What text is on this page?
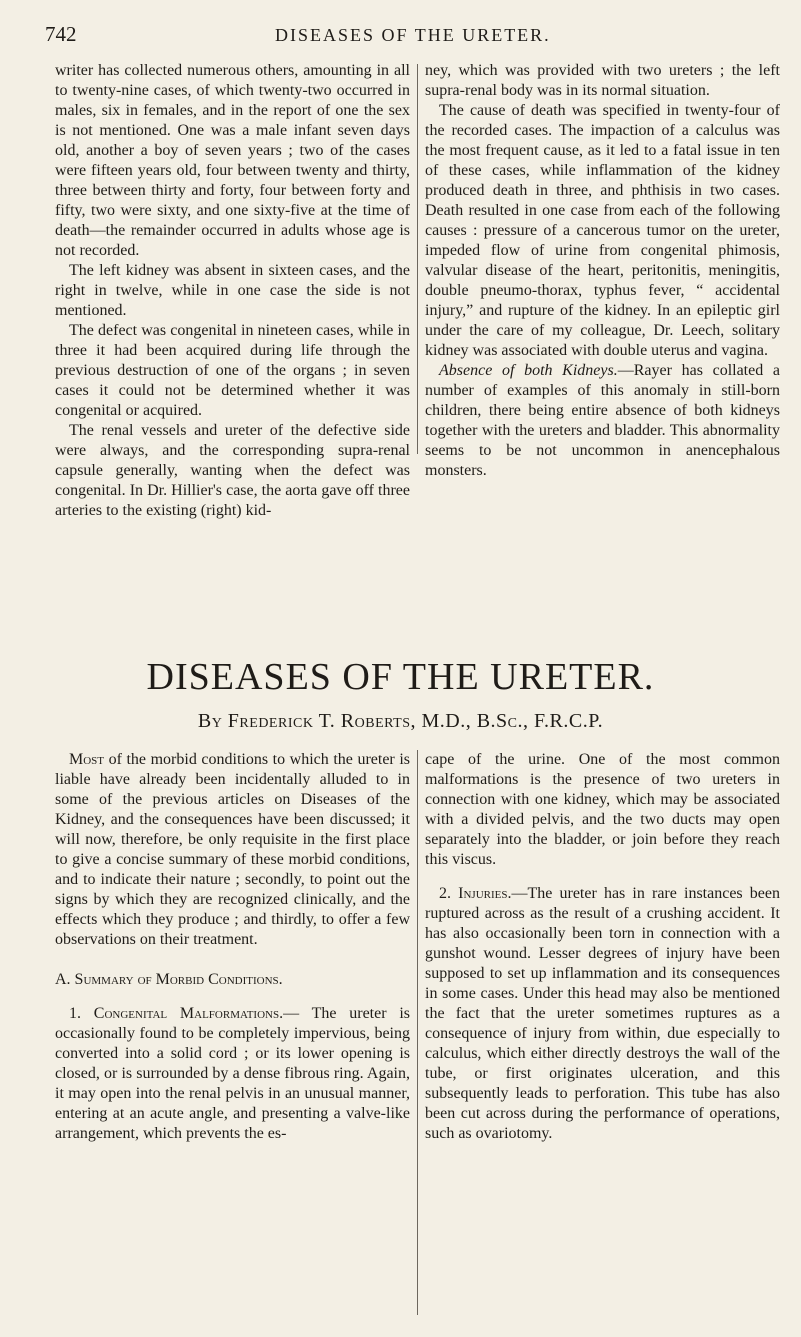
742	DISEASES OF THE URETER.

writer has collected numerous others, amounting in all to twenty-nine cases, of which twenty-two occurred in males, six in females, and in the report of one the sex is not mentioned. One was a male infant seven days old, another a boy of seven years ; two of the cases were fifteen years old, four between twenty and thirty, three between thirty and forty, four between forty and fifty, two were sixty, and one sixty-five at the time of death—the remainder occurred in adults whose age is not recorded.

The left kidney was absent in sixteen cases, and the right in twelve, while in one case the side is not mentioned.

The defect was congenital in nineteen cases, while in three it had been acquired during life through the previous destruction of one of the organs ; in seven cases it could not be determined whether it was congenital or acquired.

The renal vessels and ureter of the defective side were always, and the corresponding supra-renal capsule generally, wanting when the defect was congenital. In Dr. Hillier's case, the aorta gave off three arteries to the existing (right) kid-

ney, which was provided with two ureters ; the left supra-renal body was in its normal situation.

The cause of death was specified in twenty-four of the recorded cases. The impaction of a calculus was the most frequent cause, as it led to a fatal issue in ten of these cases, while inflammation of the kidney produced death in three, and phthisis in two cases. Death resulted in one case from each of the following causes : pressure of a cancerous tumor on the ureter, impeded flow of urine from congenital phimosis, valvular disease of the heart, peritonitis, meningitis, double pneumo-thorax, typhus fever, “ accidental injury,” and rupture of the kidney. In an epileptic girl under the care of my colleague, Dr. Leech, solitary kidney was associated with double uterus and vagina.

Absence of both Kidneys.—Rayer has collated a number of examples of this anomaly in still-born children, there being entire absence of both kidneys together with the ureters and bladder. This abnormality seems to be not uncommon in anencephalous monsters.

DISEASES OF THE URETER.
By Frederick T. Roberts, M.D., B.Sc., F.R.C.P.

Most of the morbid conditions to which the ureter is liable have already been incidentally alluded to in some of the previous articles on Diseases of the Kidney, and the consequences have been discussed; it will now, therefore, be only requisite in the first place to give a concise summary of these morbid conditions, and to indicate their nature ; secondly, to point out the signs by which they are recognized clinically, and the effects which they produce ; and thirdly, to offer a few observations on their treatment.

A. Summary of Morbid Conditions.

1. Congenital Malformations.— The ureter is occasionally found to be completely impervious, being converted into a solid cord ; or its lower opening is closed, or is surrounded by a dense fibrous ring. Again, it may open into the renal pelvis in an unusual manner, entering at an acute angle, and presenting a valve-like arrangement, which prevents the es-

cape of the urine. One of the most common malformations is the presence of two ureters in connection with one kidney, which may be associated with a divided pelvis, and the two ducts may open separately into the bladder, or join before they reach this viscus.

2. Injuries.—The ureter has in rare instances been ruptured across as the result of a crushing accident. It has also occasionally been torn in connection with a gunshot wound. Lesser degrees of injury have been supposed to set up inflammation and its consequences in some cases. Under this head may also be mentioned the fact that the ureter sometimes ruptures as a consequence of injury from within, due especially to calculus, which either directly destroys the wall of the tube, or first originates ulceration, and this subsequently leads to perforation. This tube has also been cut across during the performance of operations, such as ovariotomy.
